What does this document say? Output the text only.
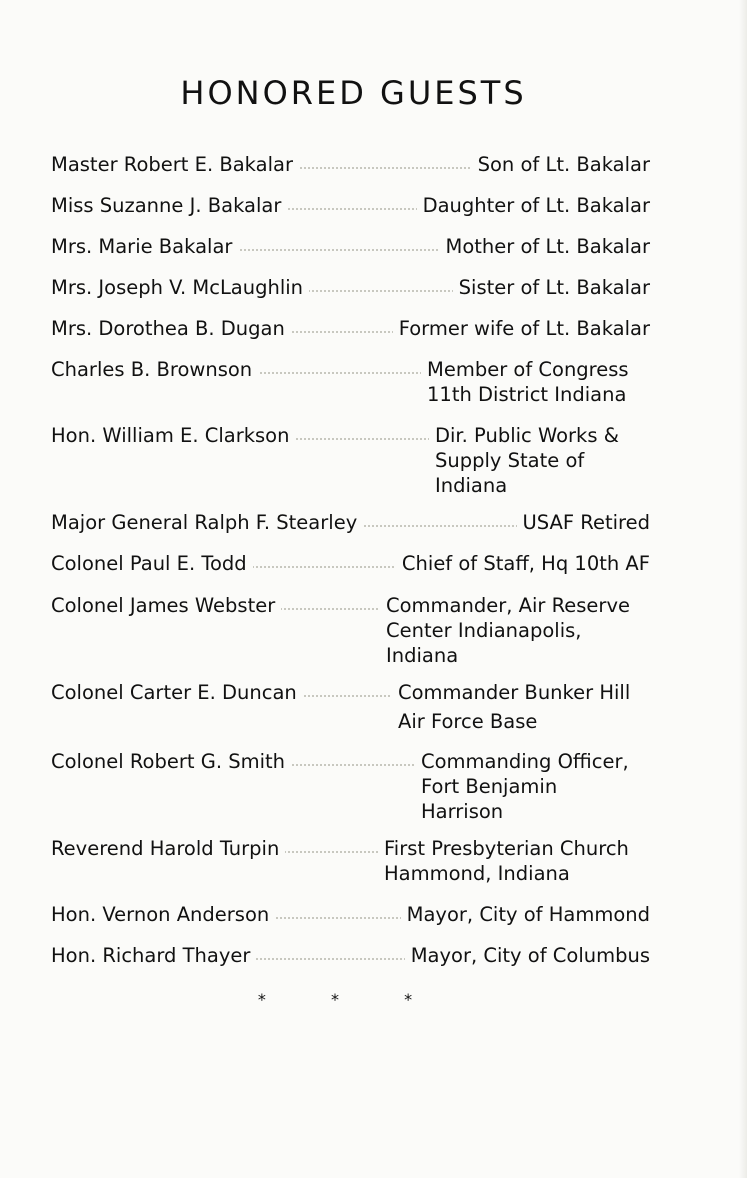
HONORED GUESTS
Master Robert E. Bakalar	Son of Lt. Bakalar
Miss Suzanne J. Bakalar	Daughter of Lt. Bakalar
Mrs. Marie Bakalar	Mother of Lt. Bakalar
Mrs. Joseph V. McLaughlin	Sister of Lt. Bakalar
Mrs. Dorothea B. Dugan	Former wife of Lt. Bakalar
Charles B. Brownson	Member of Congress
11th District Indiana
Hon. William E. Clarkson	Dir. Public Works &
Supply State of
Indiana
Major General Ralph F. Stearley	USAF Retired
Colonel Paul E. Todd	Chief of Staff, Hq 10th AF
Colonel James Webster	Commander, Air Reserve
Center Indianapolis,
Indiana
Colonel Carter E. Duncan	Commander Bunker Hill
Air Force Base
Colonel Robert G. Smith	Commanding Officer,
Fort Benjamin
Harrison
Reverend Harold Turpin	First Presbyterian Church
Hammond, Indiana
Hon. Vernon Anderson	Mayor, City of Hammond
Hon. Richard Thayer	Mayor, City of Columbus
* * *
